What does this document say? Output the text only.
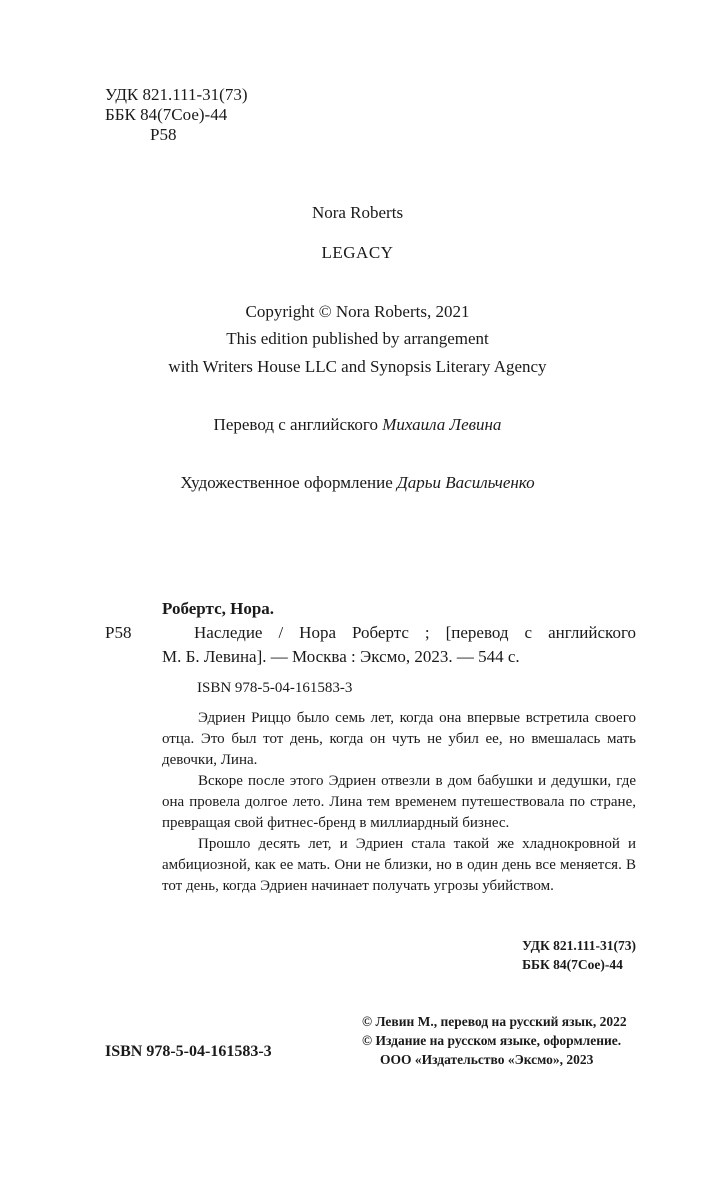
УДК 821.111-31(73)
ББК 84(7Сое)-44
Р58
Nora Roberts
LEGACY
Copyright © Nora Roberts, 2021
This edition published by arrangement
with Writers House LLC and Synopsis Literary Agency
Перевод с английского Михаила Левина
Художественное оформление Дарьи Васильченко
Р58
Робертс, Нора.
Наследие / Нора Робертс ; [перевод с английского
М. Б. Левина]. — Москва : Эксмо, 2023. — 544 с.
ISBN 978-5-04-161583-3

Эдриен Риццо было семь лет, когда она впервые встретила своего отца. Это был тот день, когда он чуть не убил ее, но вмешалась мать девочки, Лина.

Вскоре после этого Эдриен отвезли в дом бабушки и дедушки, где она провела долгое лето. Лина тем временем путешествовала по стране, превращая свой фитнес-бренд в миллиардный бизнес.

Прошло десять лет, и Эдриен стала такой же хладнокровной и амбициозной, как ее мать. Они не близки, но в один день все меняется. В тот день, когда Эдриен начинает получать угрозы убийством.

УДК 821.111-31(73)
ББК 84(7Сое)-44
© Левин М., перевод на русский язык, 2022
© Издание на русском языке, оформление.
ООО «Издательство «Эксмо», 2023
ISBN 978-5-04-161583-3
